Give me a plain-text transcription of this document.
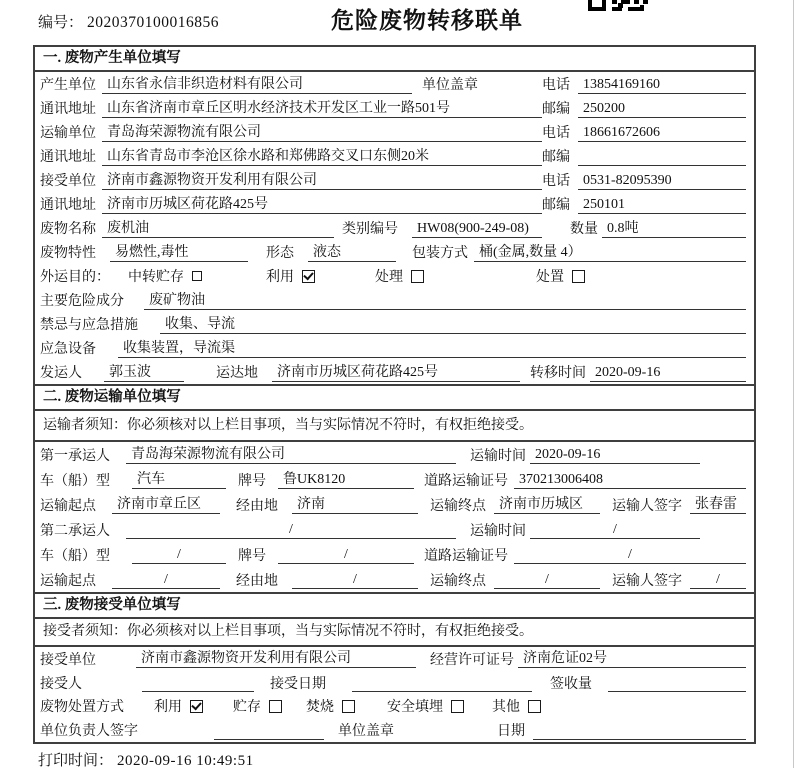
编号： 2020370100016856	危险废物转移联单
一. 废物产生单位填写
产生单位 山东省永信非织造材料有限公司	单位盖章	电话 13854169160
通讯地址 山东省济南市章丘区明水经济技术开发区工业一路501号	邮编 250200
运输单位 青岛海荣源物流有限公司	电话 18661672606
通讯地址 山东省青岛市李沧区徐水路和郑佛路交叉口东侧20米	邮编
接受单位 济南市鑫源物资开发利用有限公司	电话 0531-82095390
通讯地址 济南市历城区荷花路425号	邮编 250101
废物名称 废机油	类别编号	HW08(900-249-08)	数量 0.8吨
废物特性	易燃性,毒性	形态	液态	包装方式 桶(金属,数量 4）
外运目的：	中转贮存	利用	处理	处置
主要危险成分	废矿物油
禁忌与应急措施	收集、导流
应急设备	收集装置，导流渠
发运人	郭玉波	运达地	济南市历城区荷花路425号	转移时间 2020-09-16
二. 废物运输单位填写
运输者须知：你必须核对以上栏目事项，当与实际情况不符时，有权拒绝接受。
第一承运人	青岛海荣源物流有限公司	运输时间 2020-09-16
车（船）型	汽车	牌号	鲁UK8120	道路运输证号 370213006408
运输起点	济南市章丘区	经由地	济南	运输终点 济南市历城区	运输人签字 张春雷
第二承运人	/	运输时间	/
车（船）型	/	牌号	/	道路运输证号	/
运输起点	/	经由地	/	运输终点	/	运输人签字	/
三. 废物接受单位填写
接受者须知：你必须核对以上栏目事项，当与实际情况不符时，有权拒绝接受。
接受单位	济南市鑫源物资开发利用有限公司	经营许可证号 济南危证02号
接受人	接受日期	签收量
废物处置方式	利用	贮存	焚烧	安全填埋	其他
单位负责人签字	单位盖章	日期
打印时间： 2020-09-16 10:49:51
